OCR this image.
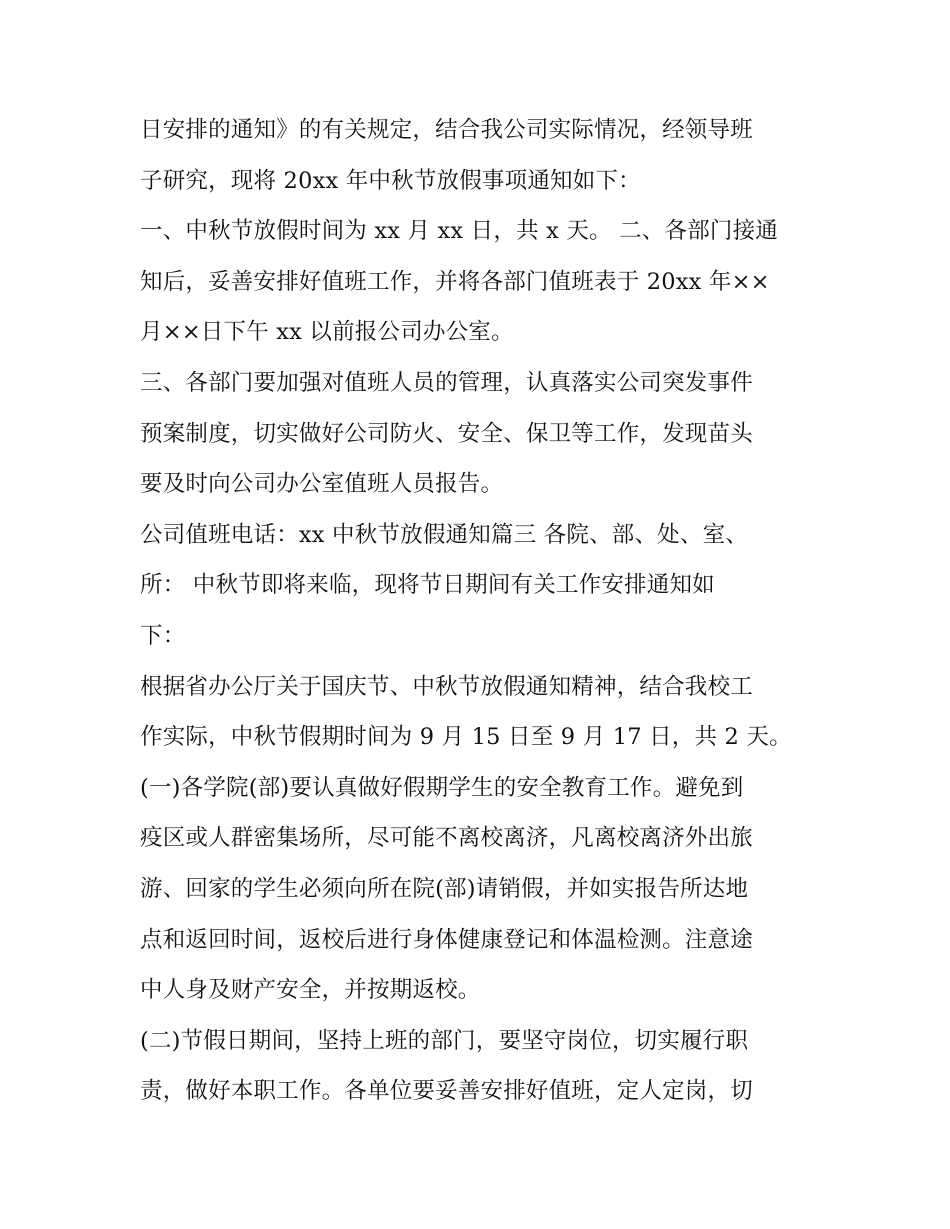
日安排的通知》的有关规定，结合我公司实际情况，经领导班
子研究，现将 20xx 年中秋节放假事项通知如下：
一、中秋节放假时间为 xx 月 xx 日，共 x 天。 二、各部门接通
知后，妥善安排好值班工作，并将各部门值班表于 20xx 年××
月××日下午 xx 以前报公司办公室。
三、各部门要加强对值班人员的管理，认真落实公司突发事件
预案制度，切实做好公司防火、安全、保卫等工作，发现苗头
要及时向公司办公室值班人员报告。
公司值班电话：xx 中秋节放假通知篇三 各院、部、处、室、
所： 中秋节即将来临，现将节日期间有关工作安排通知如
下：
根据省办公厅关于国庆节、中秋节放假通知精神，结合我校工
作实际，中秋节假期时间为 9 月 15 日至 9 月 17 日，共 2 天。
(一)各学院(部)要认真做好假期学生的安全教育工作。避免到
疫区或人群密集场所，尽可能不离校离济，凡离校离济外出旅
游、回家的学生必须向所在院(部)请销假，并如实报告所达地
点和返回时间，返校后进行身体健康登记和体温检测。注意途
中人身及财产安全，并按期返校。
(二)节假日期间，坚持上班的部门，要坚守岗位，切实履行职
责，做好本职工作。各单位要妥善安排好值班，定人定岗，切
